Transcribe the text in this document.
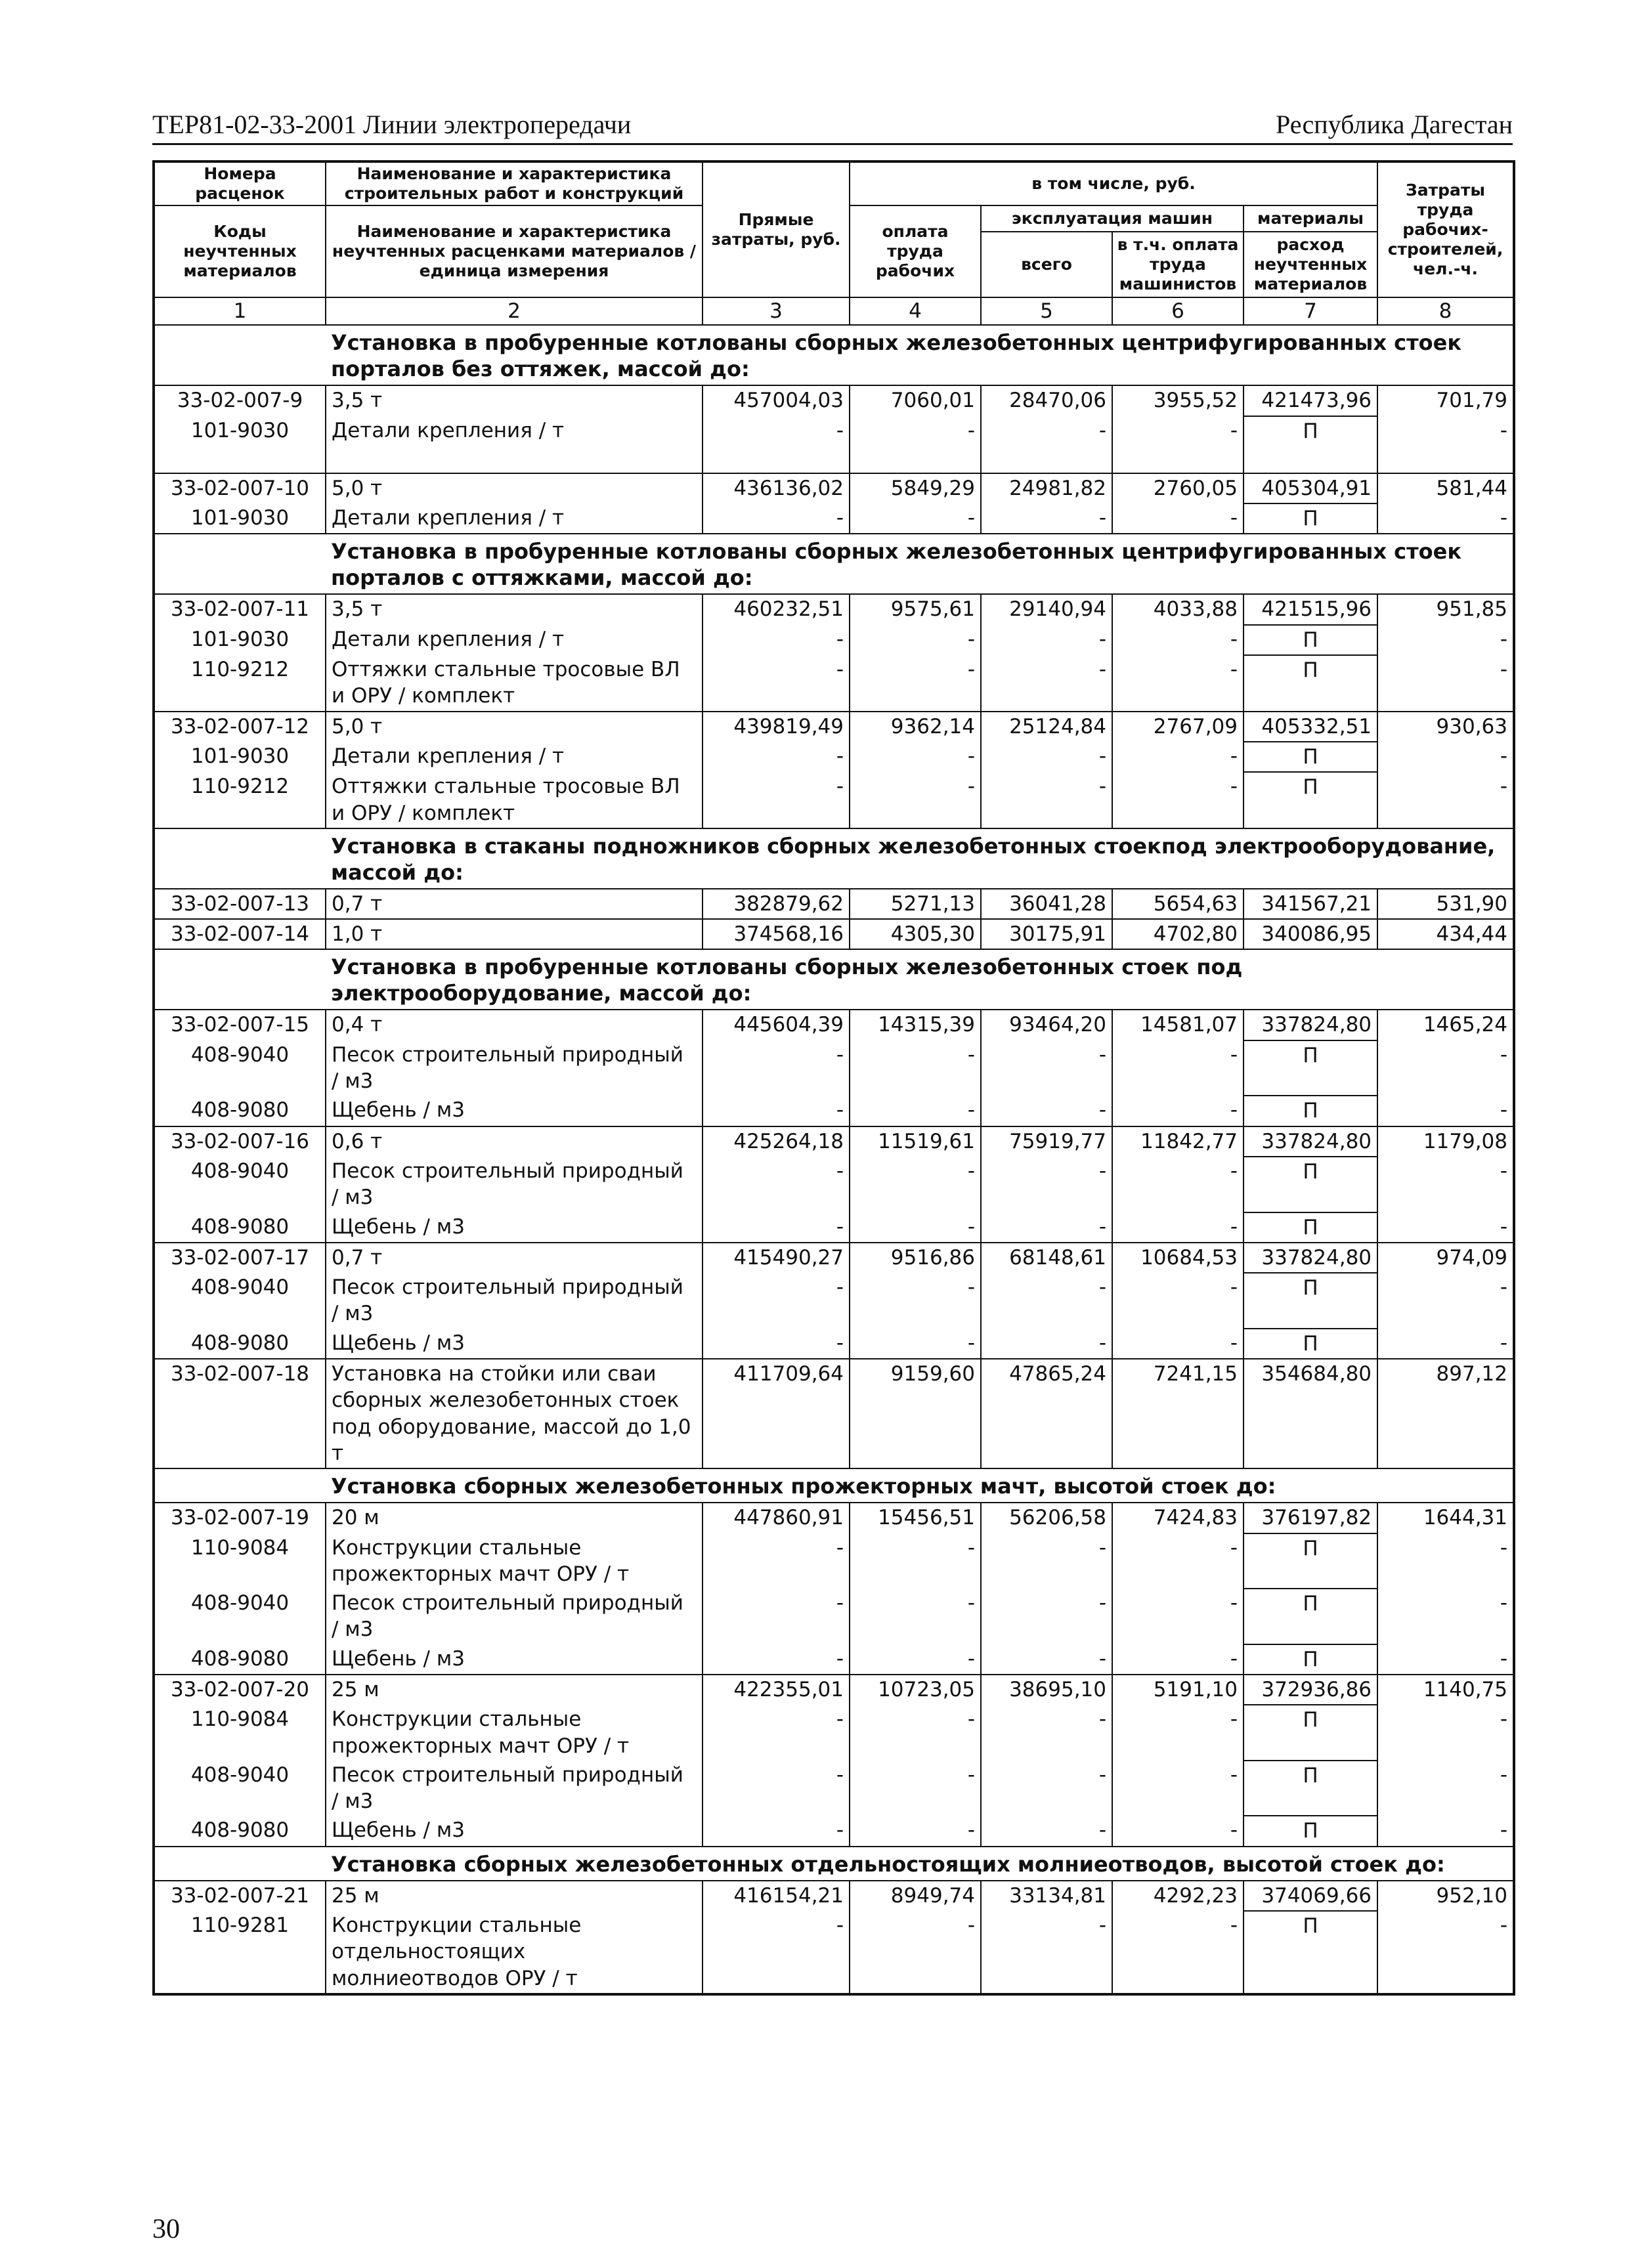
ТЕР81-02-33-2001 Линии электропередачи	Республика Дагестан
Номера расценок	Наименование и характеристика строительных работ и конструкций	Прямые затраты, руб.	в том числе, руб.				Затраты труда рабочих-строителей, чел.-ч.
Коды неучтенных материалов	Наименование и характеристика неучтенных расценками материалов / единица измерения		оплата труда рабочих	эксплуатация машин		материалы	
				всего	в т.ч. оплата труда машинистов	расход неучтенных материалов	
1	2	3	4	5	6	7	8
	Установка в пробуренные котлованы сборных железобетонных центрифугированных стоек порталов без оттяжек, массой до:						
33-02-007-9	3,5 т	457004,03	7060,01	28470,06	3955,52	421473,96	701,79
101-9030	Детали крепления / т	-	-	-	-	П	-

33-02-007-10	5,0 т	436136,02	5849,29	24981,82	2760,05	405304,91	581,44
101-9030	Детали крепления / т	-	-	-	-	П	-
	Установка в пробуренные котлованы сборных железобетонных центрифугированных стоек порталов с оттяжками, массой до:						
33-02-007-11	3,5 т	460232,51	9575,61	29140,94	4033,88	421515,96	951,85
101-9030	Детали крепления / т	-	-	-	-	П	-
110-9212	Оттяжки стальные тросовые ВЛ и ОРУ / комплект	-	-	-	-	П	-
33-02-007-12	5,0 т	439819,49	9362,14	25124,84	2767,09	405332,51	930,63
101-9030	Детали крепления / т	-	-	-	-	П	-
110-9212	Оттяжки стальные тросовые ВЛ и ОРУ / комплект	-	-	-	-	П	-
	Установка в стаканы подножников сборных железобетонных стоекпод электрооборудование, массой до:						
33-02-007-13	0,7 т	382879,62	5271,13	36041,28	5654,63	341567,21	531,90
33-02-007-14	1,0 т	374568,16	4305,30	30175,91	4702,80	340086,95	434,44
	Установка в пробуренные котлованы сборных железобетонных стоек под электрооборудование, массой до:						
33-02-007-15	0,4 т	445604,39	14315,39	93464,20	14581,07	337824,80	1465,24
408-9040	Песок строительный природный / м3	-	-	-	-	П	-
408-9080	Щебень / м3	-	-	-	-	П	-
33-02-007-16	0,6 т	425264,18	11519,61	75919,77	11842,77	337824,80	1179,08
408-9040	Песок строительный природный / м3	-	-	-	-	П	-
408-9080	Щебень / м3	-	-	-	-	П	-
33-02-007-17	0,7 т	415490,27	9516,86	68148,61	10684,53	337824,80	974,09
408-9040	Песок строительный природный / м3	-	-	-	-	П	-
408-9080	Щебень / м3	-	-	-	-	П	-
33-02-007-18	Установка на стойки или сваи сборных железобетонных стоек под оборудование, массой до 1,0 т	411709,64	9159,60	47865,24	7241,15	354684,80	897,12
	Установка сборных железобетонных прожекторных мачт, высотой стоек до:						
33-02-007-19	20 м	447860,91	15456,51	56206,58	7424,83	376197,82	1644,31
110-9084	Конструкции стальные прожекторных мачт ОРУ / т	-	-	-	-	П	-
408-9040	Песок строительный природный / м3	-	-	-	-	П	-
408-9080	Щебень / м3	-	-	-	-	П	-
33-02-007-20	25 м	422355,01	10723,05	38695,10	5191,10	372936,86	1140,75
110-9084	Конструкции стальные прожекторных мачт ОРУ / т	-	-	-	-	П	-
408-9040	Песок строительный природный / м3	-	-	-	-	П	-
408-9080	Щебень / м3	-	-	-	-	П	-
	Установка сборных железобетонных отдельностоящих молниеотводов, высотой стоек до:						
33-02-007-21	25 м	416154,21	8949,74	33134,81	4292,23	374069,66	952,10
110-9281	Конструкции стальные отдельностоящих молниеотводов ОРУ / т	-	-	-	-	П	-
30
